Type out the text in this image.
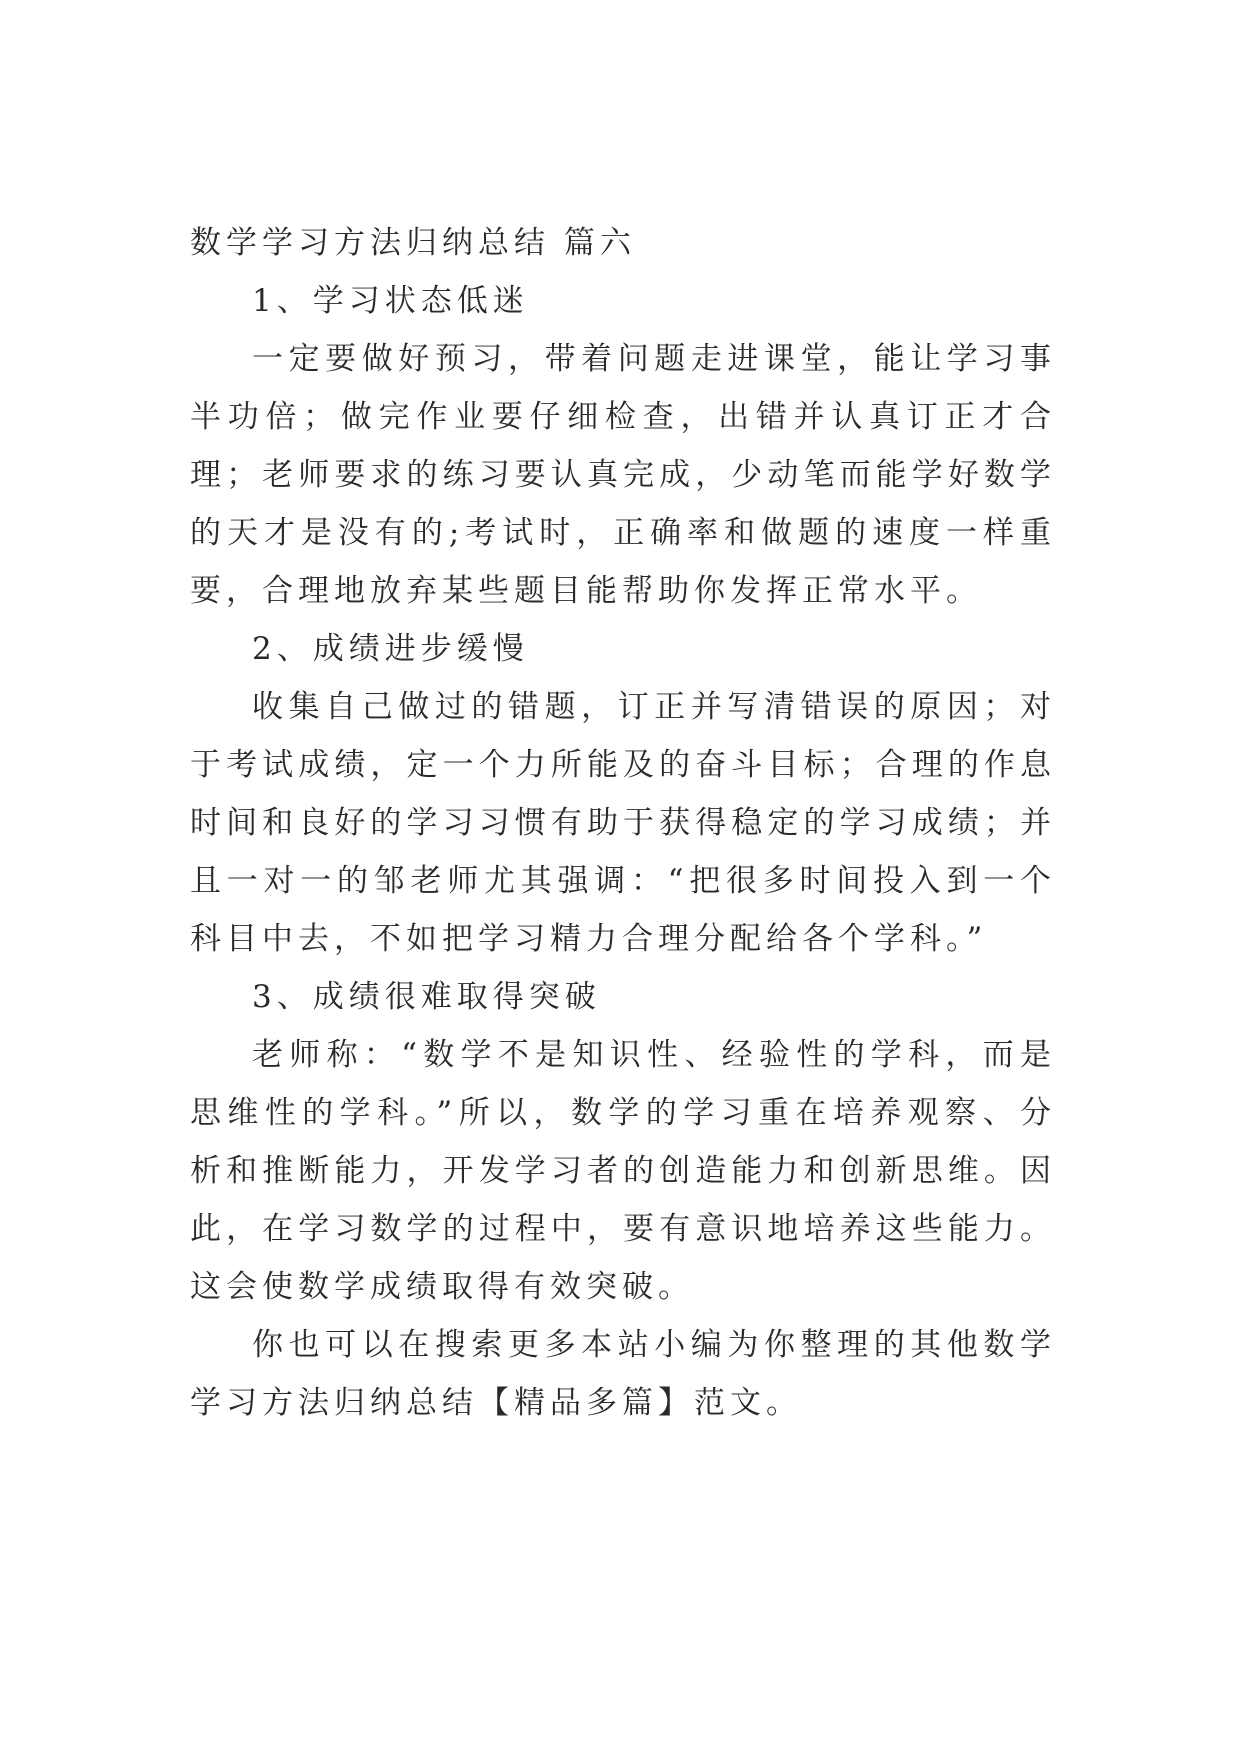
数学学习方法归纳总结 篇六

1、学习状态低迷

一定要做好预习，带着问题走进课堂，能让学习事半功倍；做完作业要仔细检查，出错并认真订正才合理；老师要求的练习要认真完成，少动笔而能学好数学的天才是没有的;考试时，正确率和做题的速度一样重要，合理地放弃某些题目能帮助你发挥正常水平。

2、成绩进步缓慢

收集自己做过的错题，订正并写清错误的原因；对于考试成绩，定一个力所能及的奋斗目标；合理的作息时间和良好的学习习惯有助于获得稳定的学习成绩；并且一对一的邹老师尤其强调：“把很多时间投入到一个科目中去，不如把学习精力合理分配给各个学科。”

3、成绩很难取得突破

老师称：“数学不是知识性、经验性的学科，而是思维性的学科。”所以，数学的学习重在培养观察、分析和推断能力，开发学习者的创造能力和创新思维。因此，在学习数学的过程中，要有意识地培养这些能力。这会使数学成绩取得有效突破。

你也可以在搜索更多本站小编为你整理的其他数学学习方法归纳总结【精品多篇】范文。
